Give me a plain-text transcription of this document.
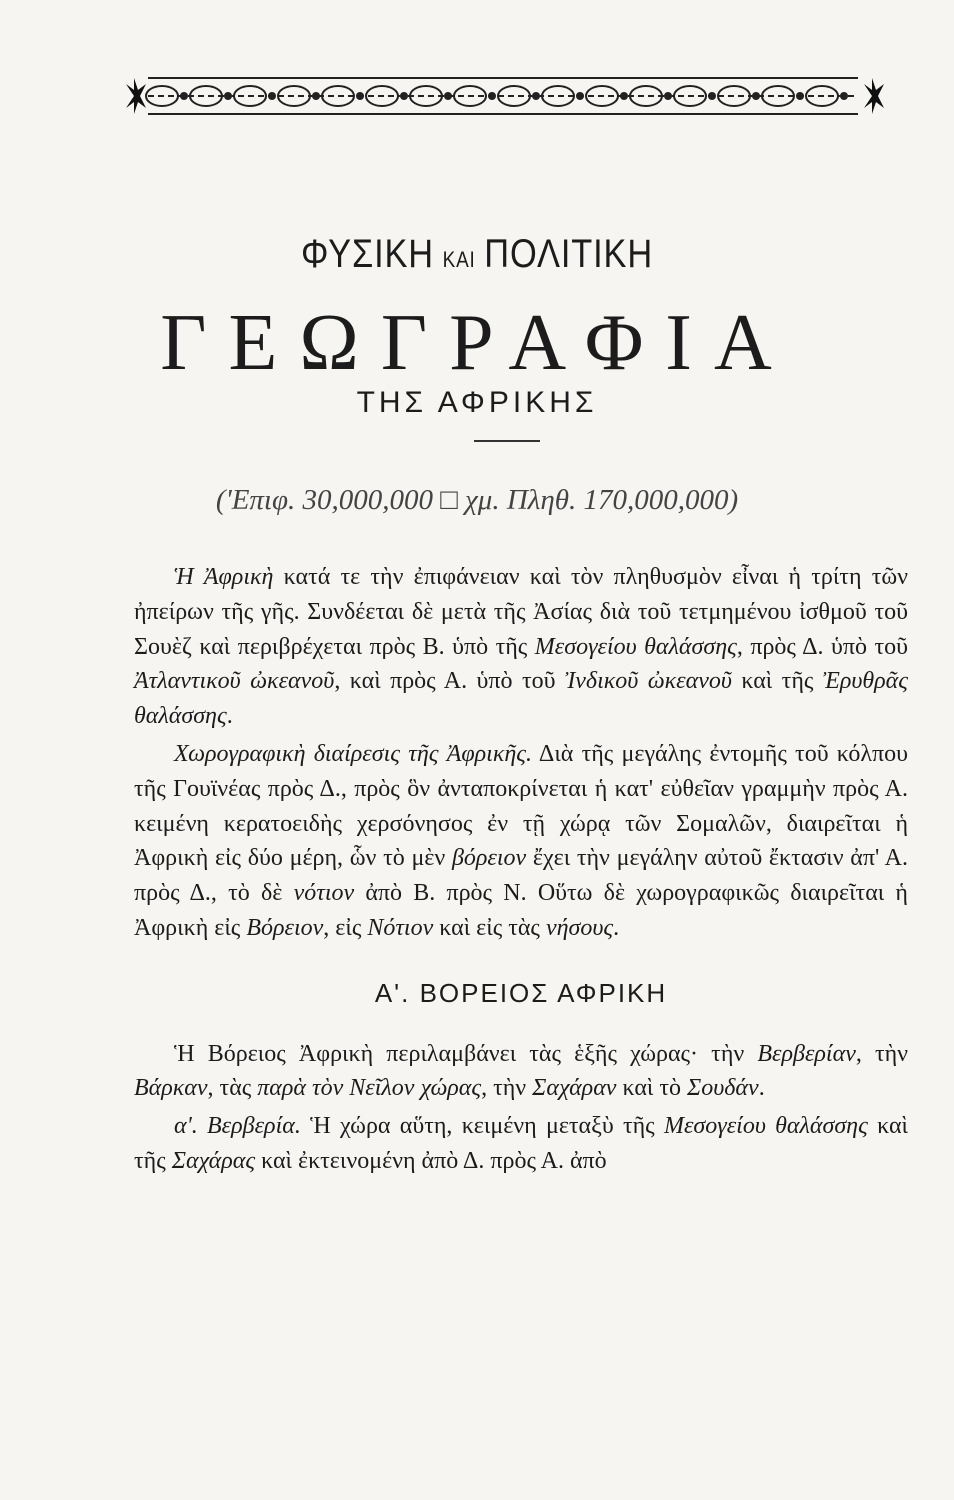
ΦΥΣΙΚΗ ΚΑΙ ΠΟΛΙΤΙΚΗ
ΓΕΩΓΡΑΦΙΑ
ΤΗΣ ΑΦΡΙΚΗΣ
('Επιφ. 30,000,000 □ χμ. Πληθ. 170,000,000)

Ἡ Ἀφρικὴ κατά τε τὴν ἐπιφάνειαν καὶ τὸν πληθυσμὸν εἶναι ἡ τρίτη τῶν ἠπείρων τῆς γῆς. Συνδέεται δὲ μετὰ τῆς Ἀσίας διὰ τοῦ τετμημένου ἰσθμοῦ τοῦ Σουὲζ καὶ περιβρέχεται πρὸς Β. ὑπὸ τῆς Μεσογείου θαλάσσης, πρὸς Δ. ὑπὸ τοῦ Ἀτλαντικοῦ ὠκεανοῦ, καὶ πρὸς Α. ὑπὸ τοῦ Ἰνδικοῦ ὠκεανοῦ καὶ τῆς Ἐρυθρᾶς θαλάσσης.

Χωρογραφικὴ διαίρεσις τῆς Ἀφρικῆς. Διὰ τῆς μεγάλης ἐντομῆς τοῦ κόλπου τῆς Γουϊνέας πρὸς Δ., πρὸς ὃν ἀνταποκρίνεται ἡ κατ' εὐθεῖαν γραμμὴν πρὸς Α. κειμένη κερατοειδὴς χερσόνησος ἐν τῇ χώρᾳ τῶν Σομαλῶν, διαιρεῖται ἡ Ἀφρικὴ εἰς δύο μέρη, ὧν τὸ μὲν βόρειον ἔχει τὴν μεγάλην αὐτοῦ ἔκτασιν ἀπ' Α. πρὸς Δ., τὸ δὲ νότιον ἀπὸ Β. πρὸς Ν. Οὕτω δὲ χωρογραφικῶς διαιρεῖται ἡ Ἀφρικὴ εἰς Βόρειον, εἰς Νότιον καὶ εἰς τὰς νήσους.

Α'. ΒΟΡΕΙΟΣ ΑΦΡΙΚΗ

Ἡ Βόρειος Ἀφρικὴ περιλαμβάνει τὰς ἑξῆς χώρας· τὴν Βερβερίαν, τὴν Βάρκαν, τὰς παρὰ τὸν Νεῖλον χώρας, τὴν Σαχάραν καὶ τὸ Σουδάν.

α'. Βερβερία. Ἡ χώρα αὕτη, κειμένη μεταξὺ τῆς Μεσογείου θαλάσσης καὶ τῆς Σαχάρας καὶ ἐκτεινομένη ἀπὸ Δ. πρὸς Α. ἀπὸ
